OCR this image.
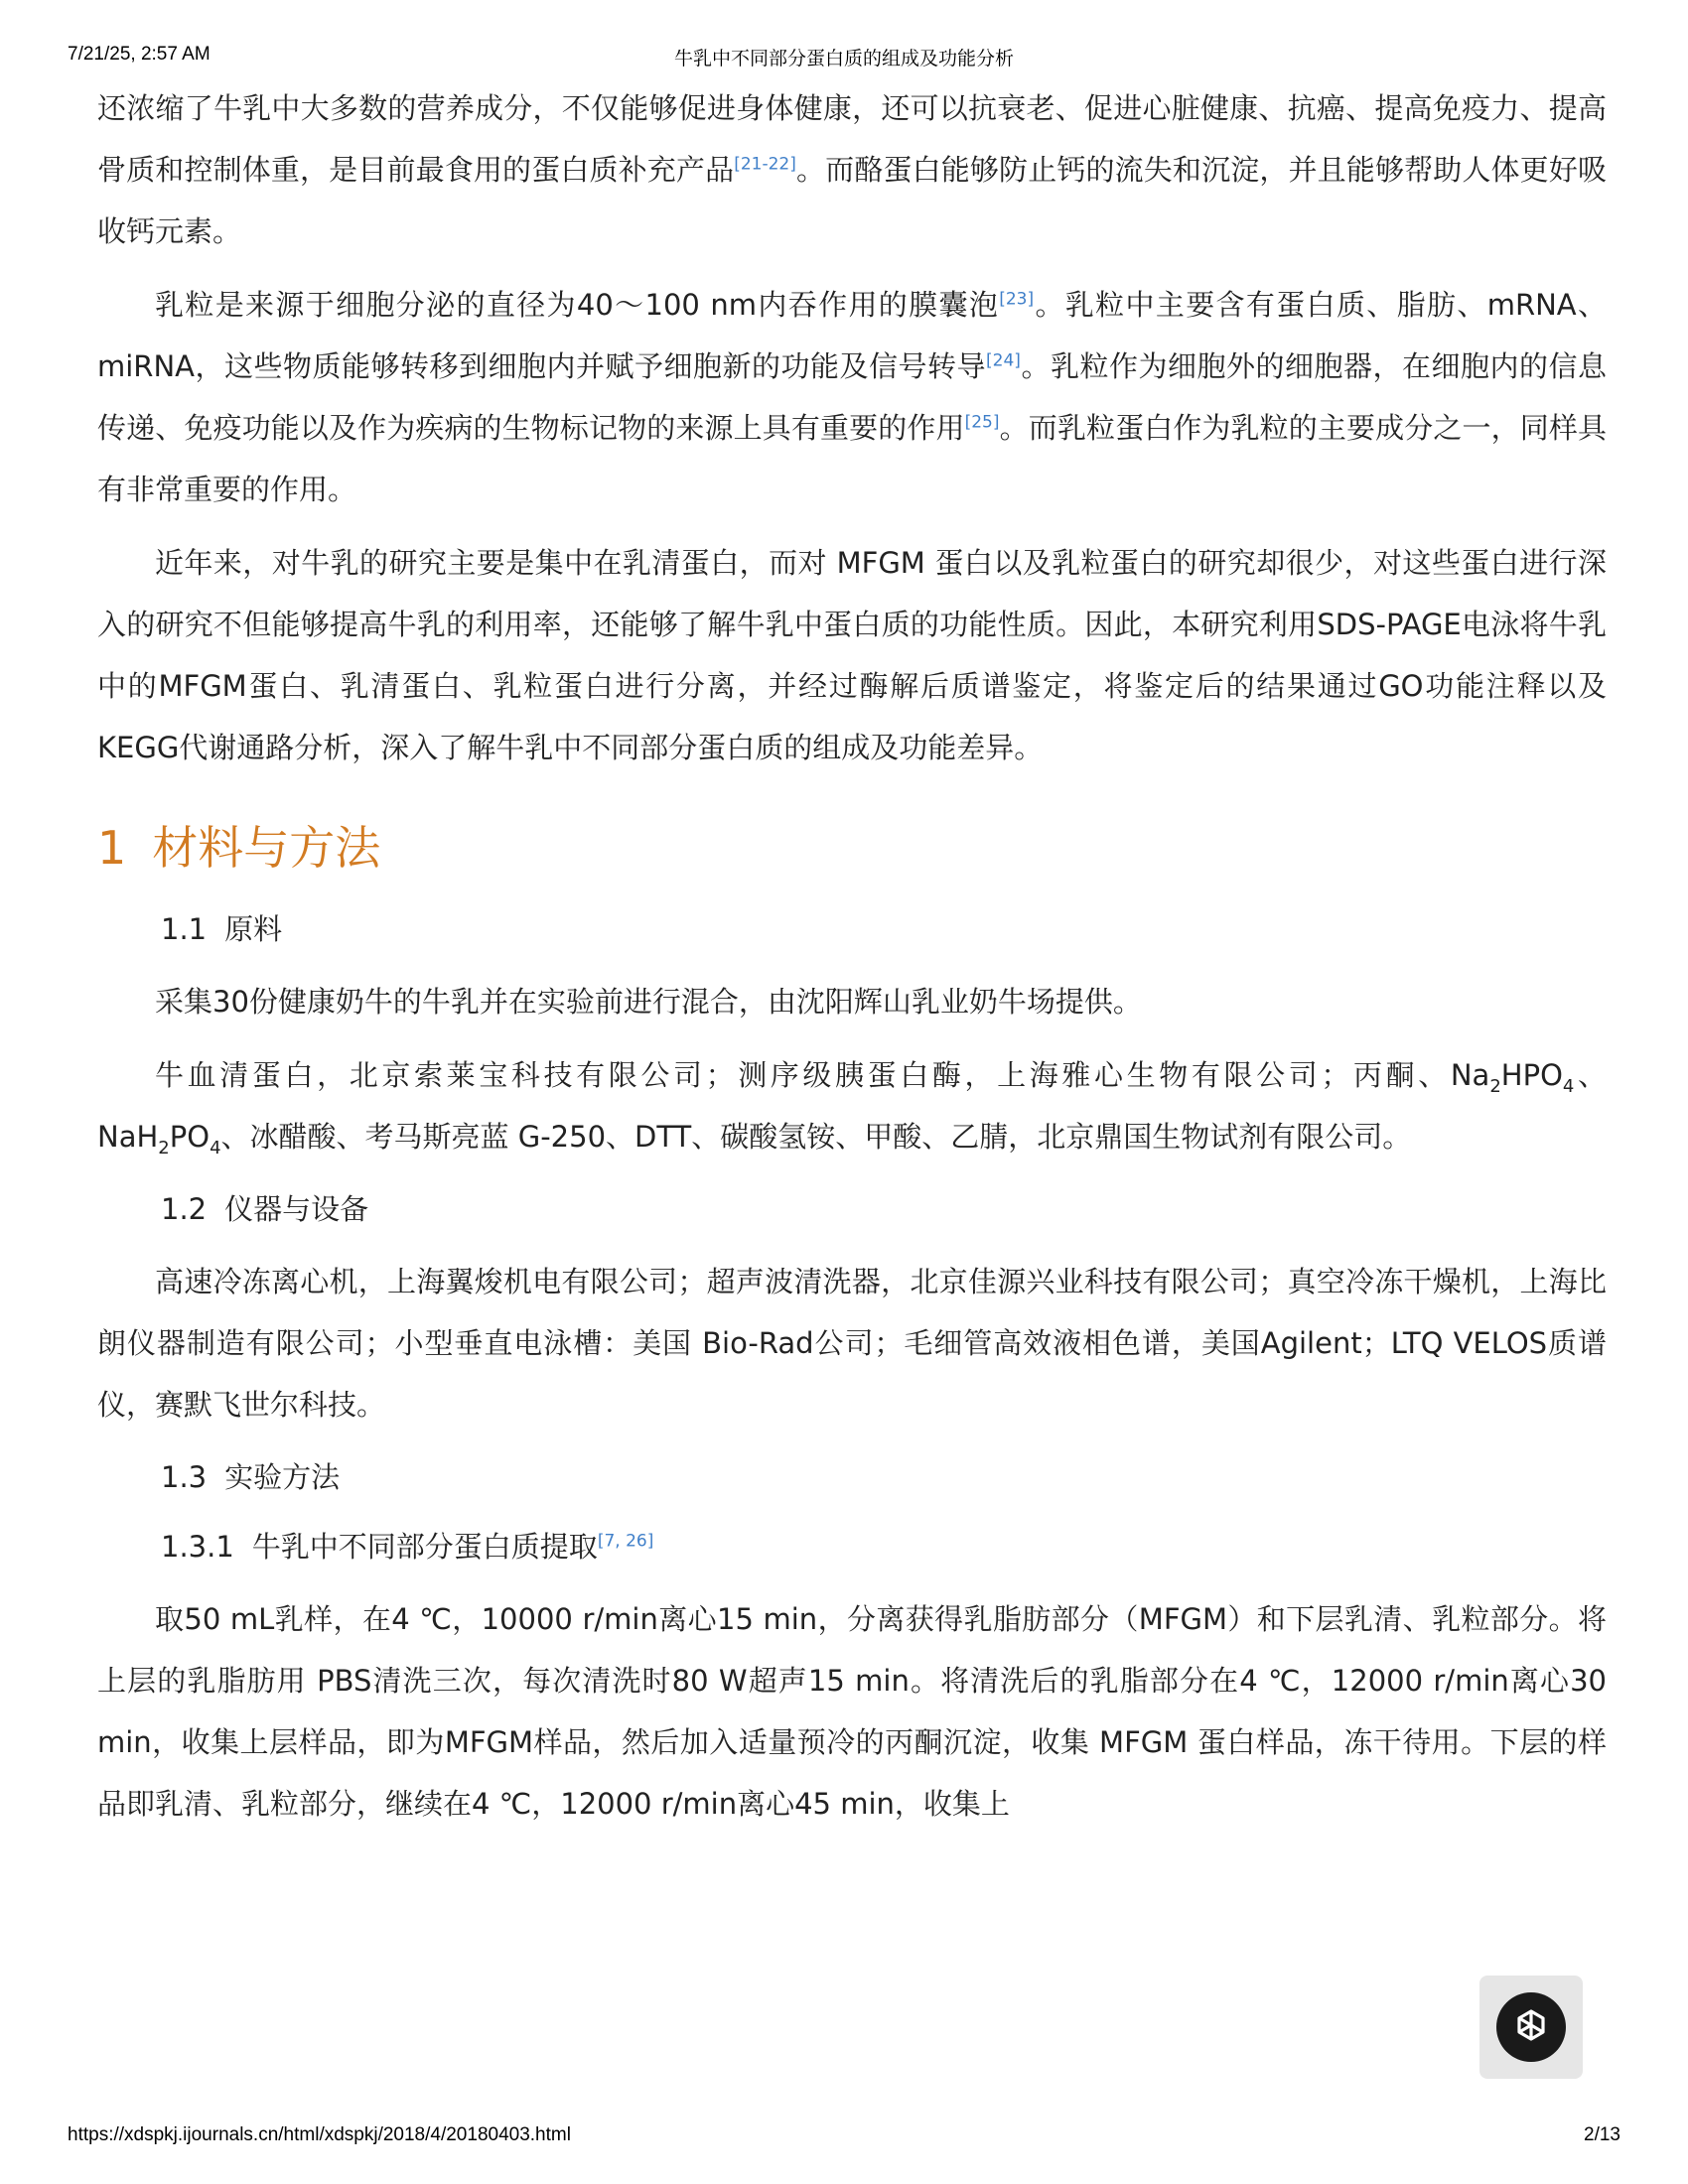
7/21/25, 2:57 AM	牛乳中不同部分蛋白质的组成及功能分析

还浓缩了牛乳中大多数的营养成分，不仅能够促进身体健康，还可以抗衰老、促进心脏健康、抗癌、提高免疫力、提高骨质和控制体重，是目前最食用的蛋白质补充产品[21-22]。而酪蛋白能够防止钙的流失和沉淀，并且能够帮助人体更好吸收钙元素。

乳粒是来源于细胞分泌的直径为40～100 nm内吞作用的膜囊泡[23]。乳粒中主要含有蛋白质、脂肪、mRNA、miRNA，这些物质能够转移到细胞内并赋予细胞新的功能及信号转导[24]。乳粒作为细胞外的细胞器，在细胞内的信息传递、免疫功能以及作为疾病的生物标记物的来源上具有重要的作用[25]。而乳粒蛋白作为乳粒的主要成分之一，同样具有非常重要的作用。

近年来，对牛乳的研究主要是集中在乳清蛋白，而对 MFGM 蛋白以及乳粒蛋白的研究却很少，对这些蛋白进行深入的研究不但能够提高牛乳的利用率，还能够了解牛乳中蛋白质的功能性质。因此，本研究利用SDS-PAGE电泳将牛乳中的MFGM蛋白、乳清蛋白、乳粒蛋白进行分离，并经过酶解后质谱鉴定，将鉴定后的结果通过GO功能注释以及KEGG代谢通路分析，深入了解牛乳中不同部分蛋白质的组成及功能差异。

1 材料与方法
1.1 原料

采集30份健康奶牛的牛乳并在实验前进行混合，由沈阳辉山乳业奶牛场提供。

牛血清蛋白，北京索莱宝科技有限公司；测序级胰蛋白酶，上海雅心生物有限公司；丙酮、$Na_2HPO_4$、$NaH_2PO_4$、冰醋酸、考马斯亮蓝 G-250、DTT、碳酸氢铵、甲酸、乙腈，北京鼎国生物试剂有限公司。

1.2 仪器与设备

高速冷冻离心机，上海翼焌机电有限公司；超声波清洗器，北京佳源兴业科技有限公司；真空冷冻干燥机，上海比朗仪器制造有限公司；小型垂直电泳槽：美国 Bio-Rad公司；毛细管高效液相色谱，美国Agilent；LTQ VELOS质谱仪，赛默飞世尔科技。

1.3 实验方法
1.3.1 牛乳中不同部分蛋白质提取[7, 26]

取50 mL乳样，在4 ℃，10000 r/min离心15 min，分离获得乳脂肪部分（MFGM）和下层乳清、乳粒部分。将上层的乳脂肪用 PBS清洗三次，每次清洗时80 W超声15 min。将清洗后的乳脂部分在4 ℃，12000 r/min离心30 min，收集上层样品，即为MFGM样品，然后加入适量预冷的丙酮沉淀，收集 MFGM 蛋白样品，冻干待用。下层的样品即乳清、乳粒部分，继续在4 ℃，12000 r/min离心45 min，收集上

https://xdspkj.ijournals.cn/html/xdspkj/2018/4/20180403.html	2/13
